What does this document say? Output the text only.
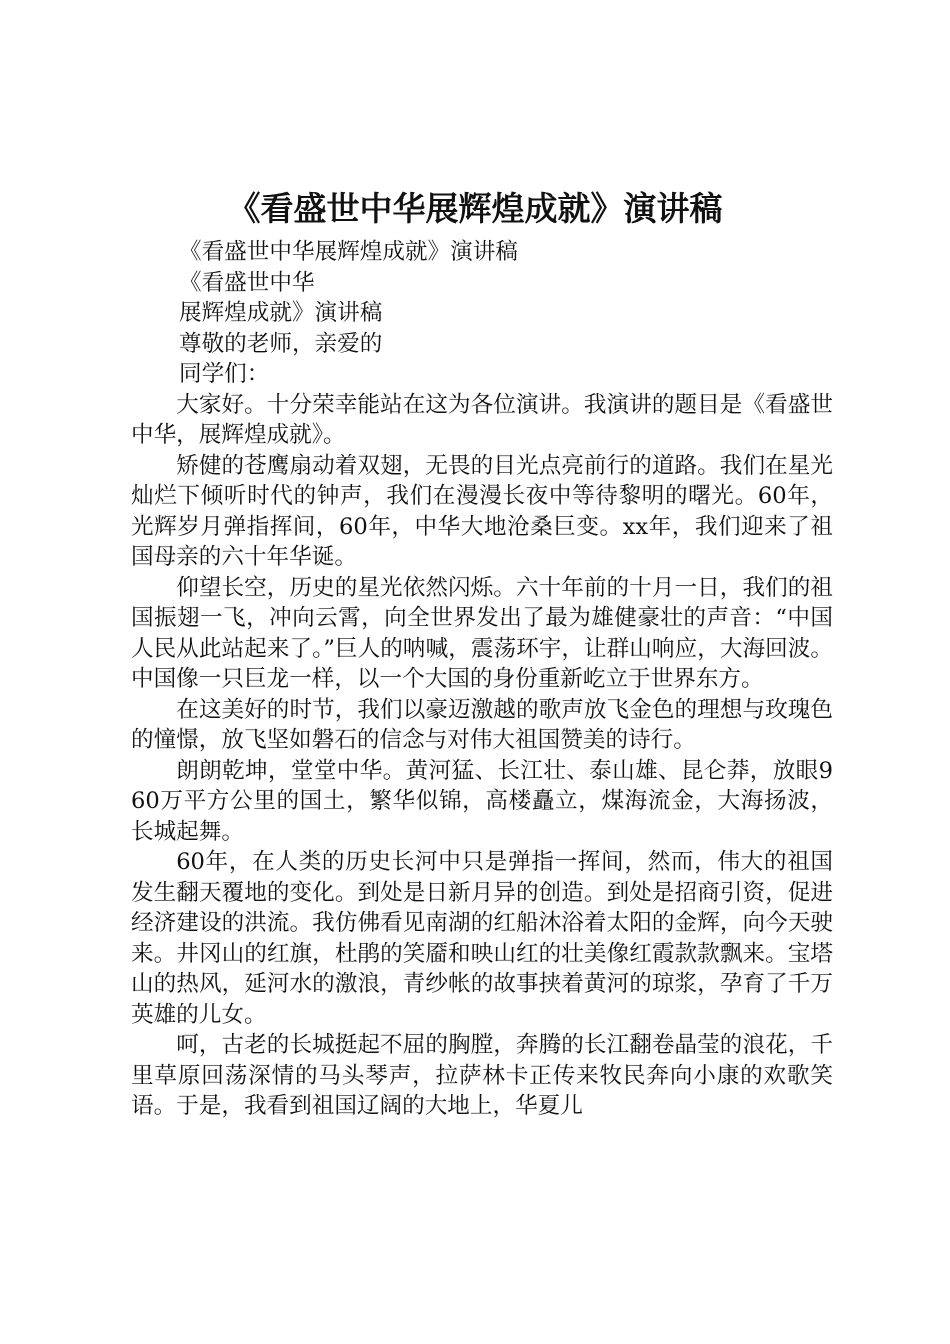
《看盛世中华展辉煌成就》演讲稿

《看盛世中华展辉煌成就》演讲稿

《看盛世中华

展辉煌成就》演讲稿

尊敬的老师，亲爱的

同学们：

大家好。十分荣幸能站在这为各位演讲。我演讲的题目是《看盛世中华，展辉煌成就》。

矫健的苍鹰扇动着双翅，无畏的目光点亮前行的道路。我们在星光灿烂下倾听时代的钟声，我们在漫漫长夜中等待黎明的曙光。60年，光辉岁月弹指挥间，60年，中华大地沧桑巨变。xx年，我们迎来了祖国母亲的六十年华诞。

仰望长空，历史的星光依然闪烁。六十年前的十月一日，我们的祖国振翅一飞，冲向云霄，向全世界发出了最为雄健豪壮的声音：“中国人民从此站起来了。”巨人的呐喊，震荡环宇，让群山响应，大海回波。中国像一只巨龙一样，以一个大国的身份重新屹立于世界东方。

在这美好的时节，我们以豪迈激越的歌声放飞金色的理想与玫瑰色的憧憬，放飞坚如磐石的信念与对伟大祖国赞美的诗行。

朗朗乾坤，堂堂中华。黄河猛、长江壮、泰山雄、昆仑莽，放眼960万平方公里的国土，繁华似锦，高楼矗立，煤海流金，大海扬波，长城起舞。

60年，在人类的历史长河中只是弹指一挥间，然而，伟大的祖国发生翻天覆地的变化。到处是日新月异的创造。到处是招商引资，促进经济建设的洪流。我仿佛看见南湖的红船沐浴着太阳的金辉，向今天驶来。井冈山的红旗，杜鹃的笑靥和映山红的壮美像红霞款款飘来。宝塔山的热风，延河水的激浪，青纱帐的故事挟着黄河的琼浆，孕育了千万英雄的儿女。

呵，古老的长城挺起不屈的胸膛，奔腾的长江翻卷晶莹的浪花，千里草原回荡深情的马头琴声，拉萨林卡正传来牧民奔向小康的欢歌笑语。于是，我看到祖国辽阔的大地上，华夏儿
